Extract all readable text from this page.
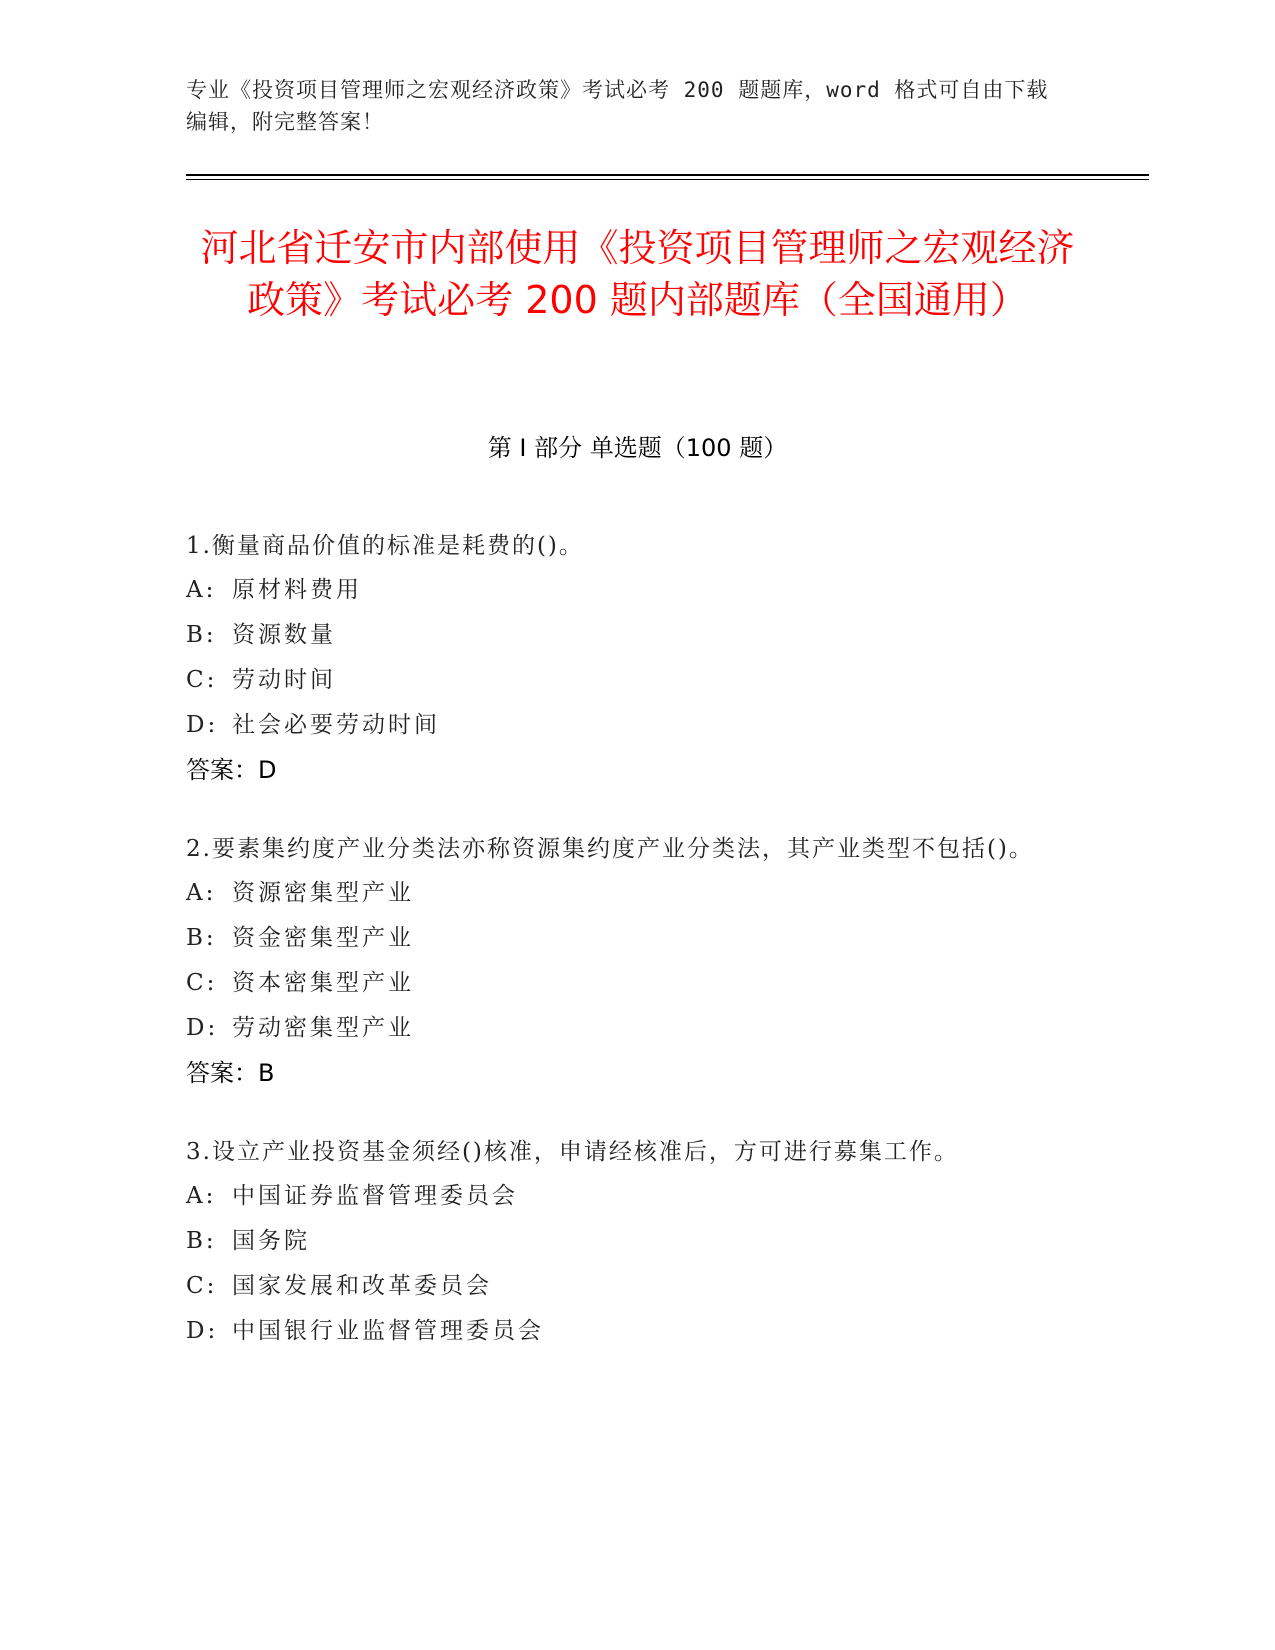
专业《投资项目管理师之宏观经济政策》考试必考 200 题题库，word 格式可自由下载编辑，附完整答案！
河北省迁安市内部使用《投资项目管理师之宏观经济政策》考试必考 200 题内部题库（全国通用）
第 I 部分 单选题（100 题）

1.衡量商品价值的标准是耗费的()。

A: 原材料费用
B: 资源数量
C: 劳动时间
D: 社会必要劳动时间
答案：D

2.要素集约度产业分类法亦称资源集约度产业分类法，其产业类型不包括()。

A: 资源密集型产业
B: 资金密集型产业
C: 资本密集型产业
D: 劳动密集型产业
答案：B

3.设立产业投资基金须经()核准，申请经核准后，方可进行募集工作。

A: 中国证券监督管理委员会
B: 国务院
C: 国家发展和改革委员会
D: 中国银行业监督管理委员会
